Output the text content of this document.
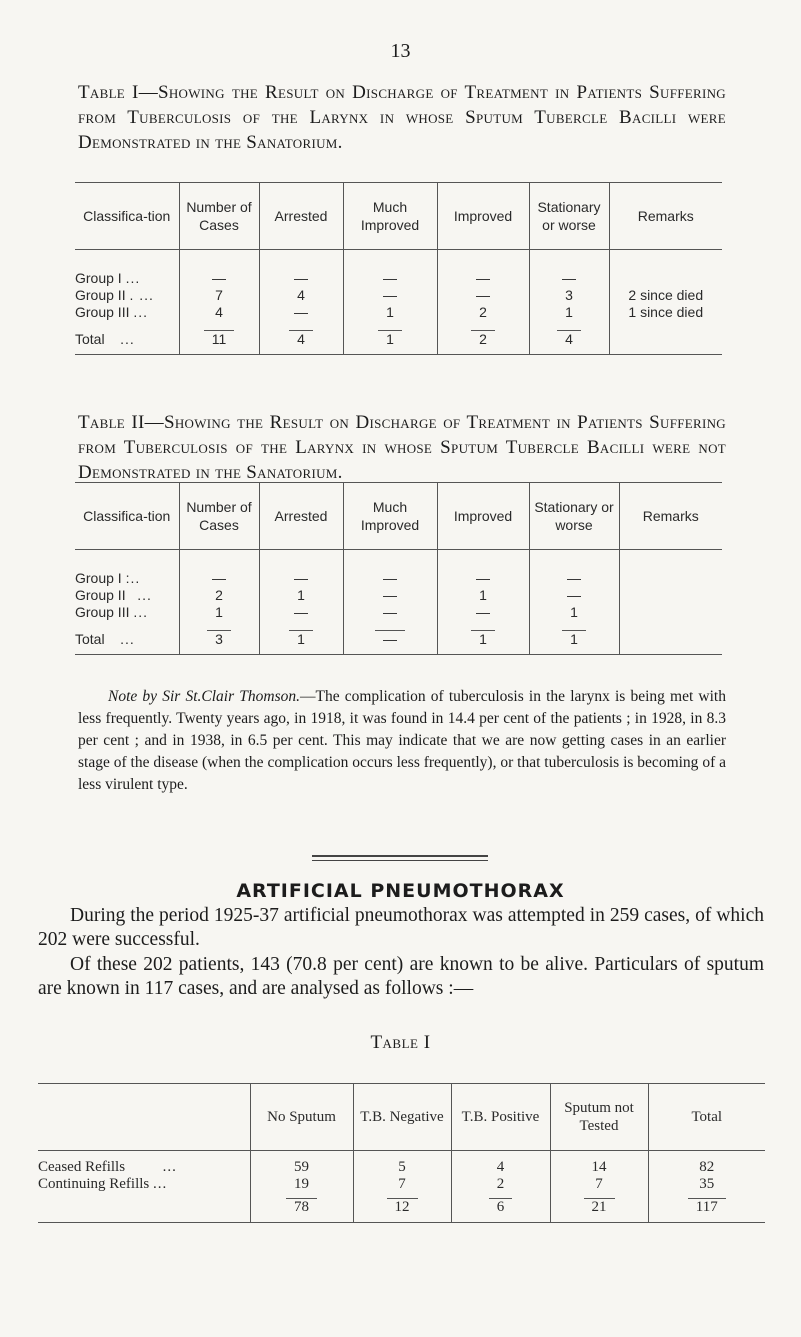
13
Table I—Showing the Result on Discharge of Treatment in Patients Suffering from Tuberculosis of the Larynx in whose Sputum Tubercle Bacilli were Demonstrated in the Sanatorium.
Classifica-tion	Number of Cases	Arrested	Much Improved	Improved	Stationary or worse	Remarks
Group I ...	—	—	—	—	—	
Group II . ...	7	4	—	—	3	2 since died
Group III ...	4	—	1	2	1	1 since died
Total ...	11	4	1	2	4	
Table II—Showing the Result on Discharge of Treatment in Patients Suffering from Tuberculosis of the Larynx in whose Sputum Tubercle Bacilli were not Demonstrated in the Sanatorium.
Classifica-tion	Number of Cases	Arrested	Much Improved	Improved	Stationary or worse	Remarks
Group I :..	—	—	—	—	—	
Group II ...	2	1	—	1	—	
Group III ...	1	—	—	—	1	
Total ...	3	1	—	1	1	
Note by Sir St.Clair Thomson.—The complication of tuberculosis in the larynx is being met with less frequently. Twenty years ago, in 1918, it was found in 14.4 per cent of the patients ; in 1928, in 8.3 per cent ; and in 1938, in 6.5 per cent. This may indicate that we are now getting cases in an earlier stage of the disease (when the complication occurs less frequently), or that tuberculosis is becoming of a less virulent type.
ARTIFICIAL PNEUMOTHORAX
During the period 1925-37 artificial pneumothorax was attempted in 259 cases, of which 202 were successful.
Of these 202 patients, 143 (70.8 per cent) are known to be alive. Particulars of sputum are known in 117 cases, and are analysed as follows :—
Table I
	No Sputum	T.B. Negative	T.B. Positive	Sputum not Tested	Total
Ceased Refills ...	59	5	4	14	82
Continuing Refills ...	19	7	2	7	35
	78	12	6	21	117
